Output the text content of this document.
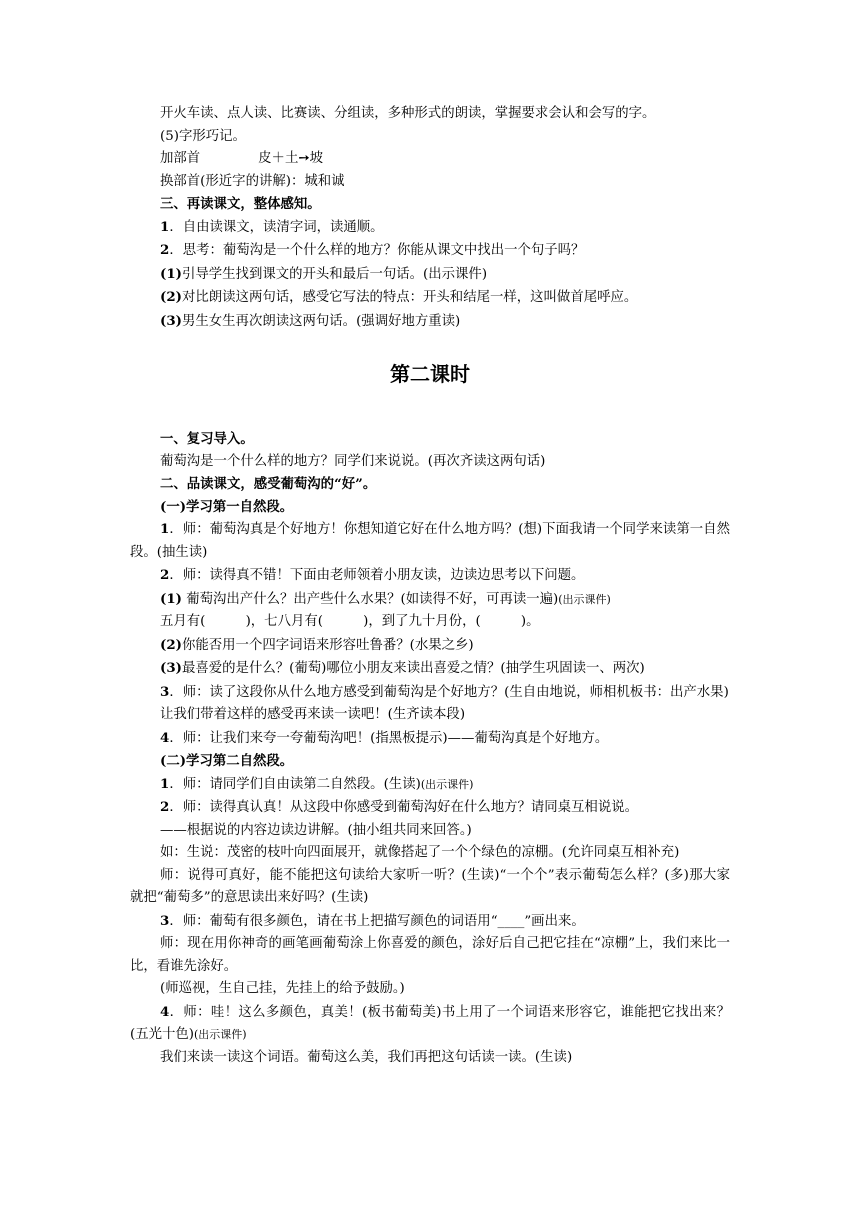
开火车读、点人读、比赛读、分组读，多种形式的朗读，掌握要求会认和会写的字。

(5)字形巧记。

加部首	皮＋土➙坡

换部首(形近字的讲解)：城和诚

三、再读课文，整体感知。

1．自由读课文，读清字词，读通顺。

2．思考：葡萄沟是一个什么样的地方？你能从课文中找出一个句子吗？

(1)引导学生找到课文的开头和最后一句话。(出示课件)

(2)对比朗读这两句话，感受它写法的特点：开头和结尾一样，这叫做首尾呼应。

(3)男生女生再次朗读这两句话。(强调好地方重读)

第二课时

一、复习导入。

葡萄沟是一个什么样的地方？同学们来说说。(再次齐读这两句话)

二、品读课文，感受葡萄沟的“好”。

(一)学习第一自然段。

1．师：葡萄沟真是个好地方！你想知道它好在什么地方吗？(想)下面我请一个同学来读第一自然段。(抽生读)

2．师：读得真不错！下面由老师领着小朋友读，边读边思考以下问题。

(1) 葡萄沟出产什么？出产些什么水果？(如读得不好，可再读一遍)(出示课件)

五月有(　　　)，七八月有(　　　)，到了九十月份，(　　　)。

(2)你能否用一个四字词语来形容吐鲁番？(水果之乡)

(3)最喜爱的是什么？(葡萄)哪位小朋友来读出喜爱之情？(抽学生巩固读一、两次)

3．师：读了这段你从什么地方感受到葡萄沟是个好地方？(生自由地说，师相机板书：出产水果)

让我们带着这样的感受再来读一读吧！(生齐读本段)

4．师：让我们来夸一夸葡萄沟吧！(指黑板提示)——葡萄沟真是个好地方。

(二)学习第二自然段。

1．师：请同学们自由读第二自然段。(生读)(出示课件)

2．师：读得真认真！从这段中你感受到葡萄沟好在什么地方？请同桌互相说说。

——根据说的内容边读边讲解。(抽小组共同来回答。)

如：生说：茂密的枝叶向四面展开，就像搭起了一个个绿色的凉棚。(允许同桌互相补充)

师：说得可真好，能不能把这句读给大家听一听？(生读)“一个个”表示葡萄怎么样？(多)那大家就把“葡萄多”的意思读出来好吗？(生读)

3．师：葡萄有很多颜色，请在书上把描写颜色的词语用“____”画出来。

师：现在用你神奇的画笔画葡萄涂上你喜爱的颜色，涂好后自己把它挂在“凉棚”上，我们来比一比，看谁先涂好。

(师巡视，生自己挂，先挂上的给予鼓励。)

4．师：哇！这么多颜色，真美！(板书葡萄美)书上用了一个词语来形容它，谁能把它找出来？(五光十色)(出示课件)

我们来读一读这个词语。葡萄这么美，我们再把这句话读一读。(生读)
